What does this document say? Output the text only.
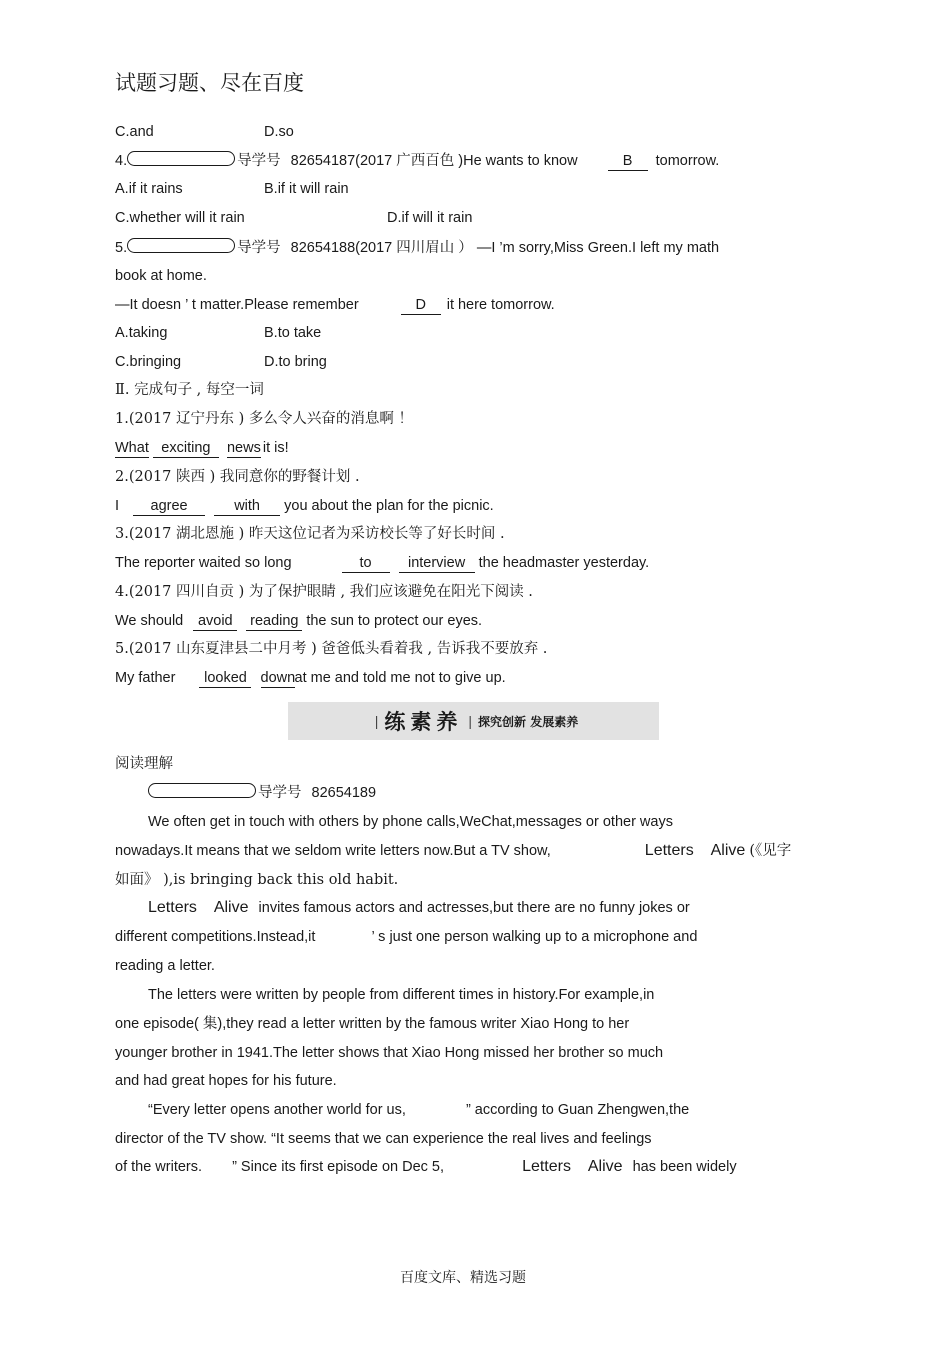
试题习题、尽在百度
C.and	D.so
4.	导学号 82654187(2017 广西百色 )He wants to know	B tomorrow.
A.if it rains	B.if it will rain
C.whether will it rain	D.if will it rain
5.	导学号 82654188(2017 四川眉山 ） —I ’m sorry,Miss Green.I left my math
book at home.
—It doesn ’ t matter.Please remember	D it here tomorrow.
A.taking	B.to take
C.bringing	D.to bring
Ⅱ. 完成句子 , 每空一词
1.(2017 辽宁丹东 ) 多么令人兴奋的消息啊 ！
What exciting news it is!
2.(2017 陕西 ) 我同意你的野餐计划 .
I agree	with you about the plan for the picnic.
3.(2017 湖北恩施 ) 昨天这位记者为采访校长等了好长时间 .
The reporter waited so long	to	interview the headmaster yesterday.
4.(2017 四川自贡 ) 为了保护眼睛 , 我们应该避免在阳光下阅读 .
We should avoid reading the sun to protect our eyes.
5.(2017 山东夏津县二中月考 ) 爸爸低头看着我 , 告诉我不要放弃 .
My father looked downat me and told me not to give up.
| 练素养 | 探究创新 发展素养
阅读理解
导学号 82654189
We often get in touch with others by phone calls,WeChat,messages or other ways
nowadays.It means that we seldom write letters now.But a TV show,	Letters    Alive (《见字
如面》 ),is bringing back this old habit.
Letters    Alive invites famous actors and actresses,but there are no funny jokes or
different competitions.Instead,it	’ s just one person walking up to a microphone and
reading a letter.
The letters were written by people from different times in history.For example,in
one episode( 集),they read a letter written by the famous writer Xiao Hong to her
younger brother in 1941.The letter shows that Xiao Hong missed her brother so much
and had great hopes for his future.
“Every letter opens another world for us,	” according to Guan Zhengwen,the
director of the TV show. “It seems that we can experience the real lives and feelings
of the writers. ” Since its first episode on Dec 5,	Letters    Alive has been widely
百度文库、精选习题
